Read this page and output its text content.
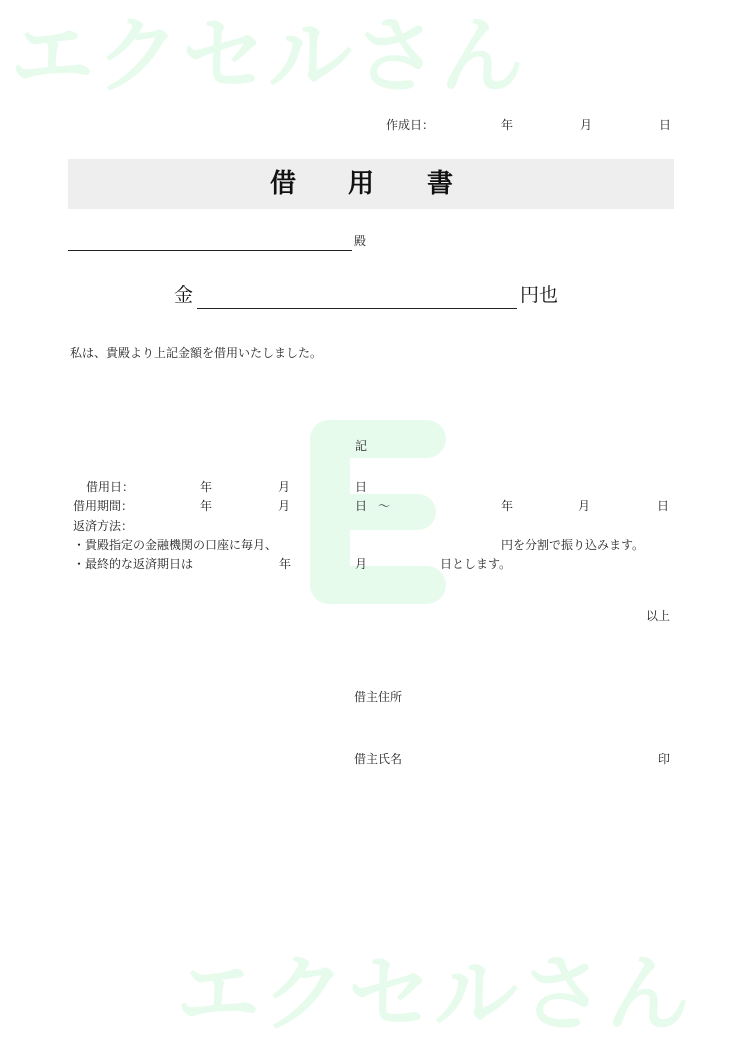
エクセルさん
エクセルさん
作成日：	年	月	日
借 用 書
殿
金	円也
私は、貴殿より上記金額を借用いたしました。
記
借用日：	年	月	日
借用期間：	年	月	日 ～	年	月	日
返済方法：
・貴殿指定の金融機関の口座に毎月、	円を分割で振り込みます。
・最終的な返済期日は	年	月	日とします。
以上
借主住所
借主氏名	印
